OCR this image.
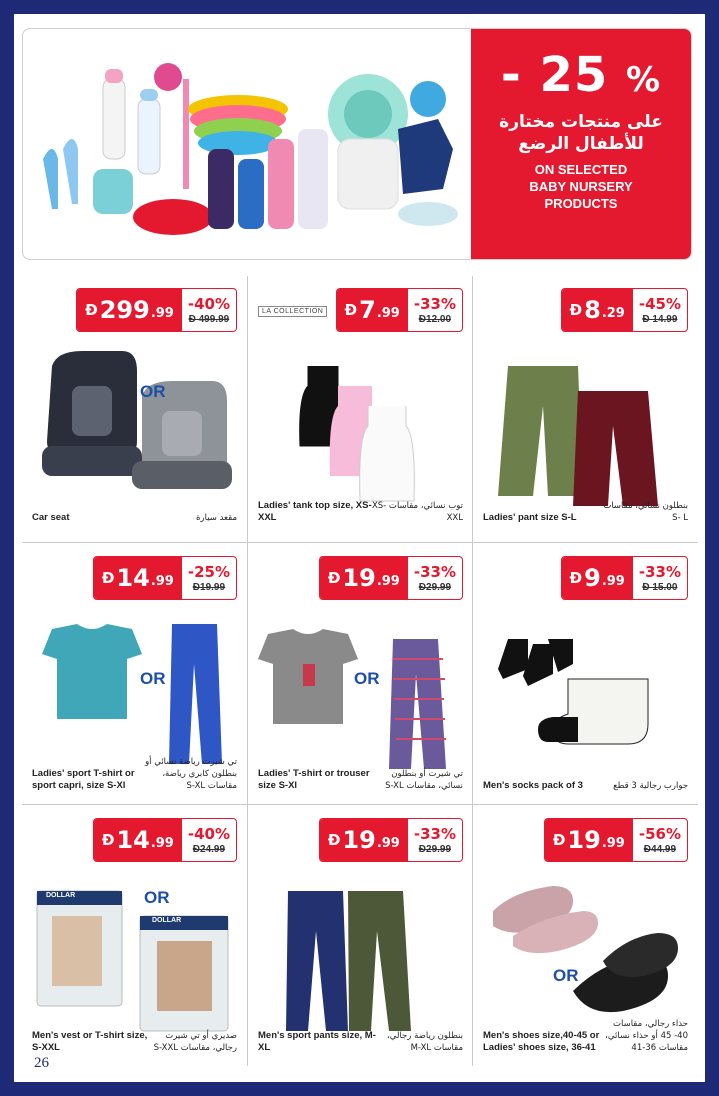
- 25 %
على منتجات مختارة
للأطفال الرضع
ON SELECTED
BABY NURSERY
PRODUCTS
Ð 299 .99
-40%
Ð 499.99
OR
Car seat	مقعد سيارة
LA COLLECTION Ð 7 .99
-33%
Ð12.00
Ladies' tank top size, XS-XXL
توب نسائي، مقاسات XS- XXL
Ð 8 .29
-45%
Ð 14.99
Ladies' pant size S-L
بنطلون نسائي، مقاسات S- L
Ð 14 .99
-25%
Ð19.99
OR
Ladies' sport T-shirt or sport capri, size S-Xl
تي شيرت رياضة نسائي أو بنطلون كابري رياضة، مقاسات S-XL
Ð 19 .99
-33%
Ð29.99
OR
Ladies' T-shirt or trouser size S-Xl
تي شيرت أو بنطلون نسائي، مقاسات S-XL
Ð 9 .99
-33%
Ð 15.00
Men's socks pack of 3	جوارب رجالية 3 قطع
Ð 14 .99
-40%
Ð24.99
DOLLAR
DOLLAR
OR
Men's vest or T-shirt size, S-XXL
صديري أو تي شيرت رجالي، مقاسات S-XXL
Ð 19 .99
-33%
Ð29.99
Men's sport pants size, M-XL
بنطلون رياضة رجالي، مقاسات M-XL
Ð 19 .99
-56%
Ð44.99
OR
Men's shoes size,40-45 or Ladies' shoes size, 36-41
حذاء رجالي، مقاسات 40- 45 أو حذاء نسائي، مقاسات 36-41
26
